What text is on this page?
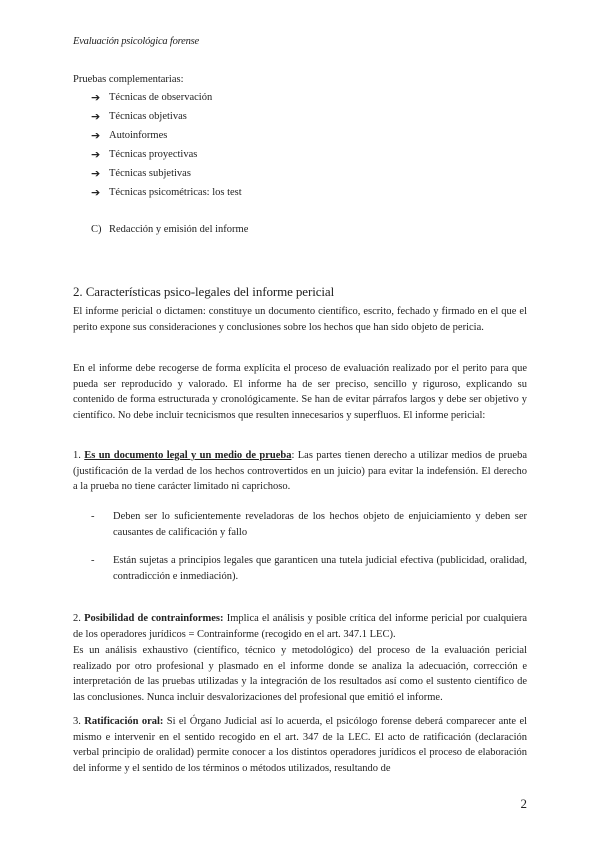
Evaluación psicológica forense

Pruebas complementarias:

➔ Técnicas de observación
➔ Técnicas objetivas
➔ Autoinformes
➔ Técnicas proyectivas
➔ Técnicas subjetivas
➔ Técnicas psicométricas: los test
C) Redacción y emisión del informe
2. Características psico-legales del informe pericial

El informe pericial o dictamen: constituye un documento científico, escrito, fechado y firmado en el que el perito expone sus consideraciones y conclusiones sobre los hechos que han sido objeto de pericia.

En el informe debe recogerse de forma explícita el proceso de evaluación realizado por el perito para que pueda ser reproducido y valorado. El informe ha de ser preciso, sencillo y riguroso, explicando su contenido de forma estructurada y cronológicamente. Se han de evitar párrafos largos y debe ser objetivo y científico. No debe incluir tecnicismos que resulten innecesarios y superfluos. El informe pericial:

1. Es un documento legal y un medio de prueba: Las partes tienen derecho a utilizar medios de prueba (justificación de la verdad de los hechos controvertidos en un juicio) para evitar la indefensión. El derecho a la prueba no tiene carácter limitado ni caprichoso.

-	Deben ser lo suficientemente reveladoras de los hechos objeto de enjuiciamiento y deben ser causantes de calificación y fallo
-	Están sujetas a principios legales que garanticen una tutela judicial efectiva (publicidad, oralidad, contradicción e inmediación).

2. Posibilidad de contrainformes: Implica el análisis y posible crítica del informe pericial por cualquiera de los operadores jurídicos = Contrainforme (recogido en el art. 347.1 LEC).

Es un análisis exhaustivo (científico, técnico y metodológico) del proceso de la evaluación pericial realizado por otro profesional y plasmado en el informe donde se analiza la adecuación, corrección e interpretación de las pruebas utilizadas y la integración de los resultados así como el sustento científico de las conclusiones. Nunca incluir desvalorizaciones del profesional que emitió el informe.

3. Ratificación oral: Si el Órgano Judicial así lo acuerda, el psicólogo forense deberá comparecer ante el mismo e intervenir en el sentido recogido en el art. 347 de la LEC. El acto de ratificación (declaración verbal principio de oralidad) permite conocer a los distintos operadores jurídicos el proceso de elaboración del informe y el sentido de los términos o métodos utilizados, resultando de

2
